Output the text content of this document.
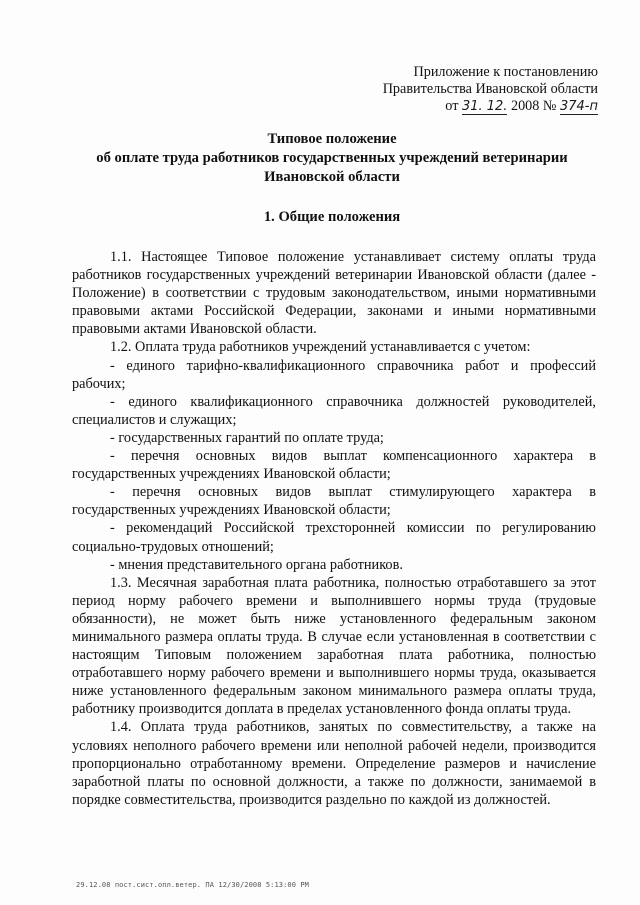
Приложение к постановлению
Правительства Ивановской области
от 31. 12. 2008 № 374-п
Типовое положение
об оплате труда работников государственных учреждений ветеринарии
Ивановской области
1. Общие положения

1.1. Настоящее Типовое положение устанавливает систему оплаты труда работников государственных учреждений ветеринарии Ивановской области (далее - Положение) в соответствии с трудовым законодательством, иными нормативными правовыми актами Российской Федерации, законами и иными нормативными правовыми актами Ивановской области.

1.2. Оплата труда работников учреждений устанавливается с учетом:

- единого тарифно-квалификационного справочника работ и профессий рабочих;

- единого квалификационного справочника должностей руководителей, специалистов и служащих;

- государственных гарантий по оплате труда;

- перечня основных видов выплат компенсационного характера в государственных учреждениях Ивановской области;

- перечня основных видов выплат стимулирующего характера в государственных учреждениях Ивановской области;

- рекомендаций Российской трехсторонней комиссии по регулированию социально-трудовых отношений;

- мнения представительного органа работников.

1.3. Месячная заработная плата работника, полностью отработавшего за этот период норму рабочего времени и выполнившего нормы труда (трудовые обязанности), не может быть ниже установленного федеральным законом минимального размера оплаты труда. В случае если установленная в соответствии с настоящим Типовым положением заработная плата работника, полностью отработавшего норму рабочего времени и выполнившего нормы труда, оказывается ниже установленного федеральным законом минимального размера оплаты труда, работнику производится доплата в пределах установленного фонда оплаты труда.

1.4. Оплата труда работников, занятых по совместительству, а также на условиях неполного рабочего времени или неполной рабочей недели, производится пропорционально отработанному времени. Определение размеров и начисление заработной платы по основной должности, а также по должности, занимаемой в порядке совместительства, производится раздельно по каждой из должностей.

29.12.08 пост.сист.опл.ветер. ПА 12/30/2008 5:13:00 PM
